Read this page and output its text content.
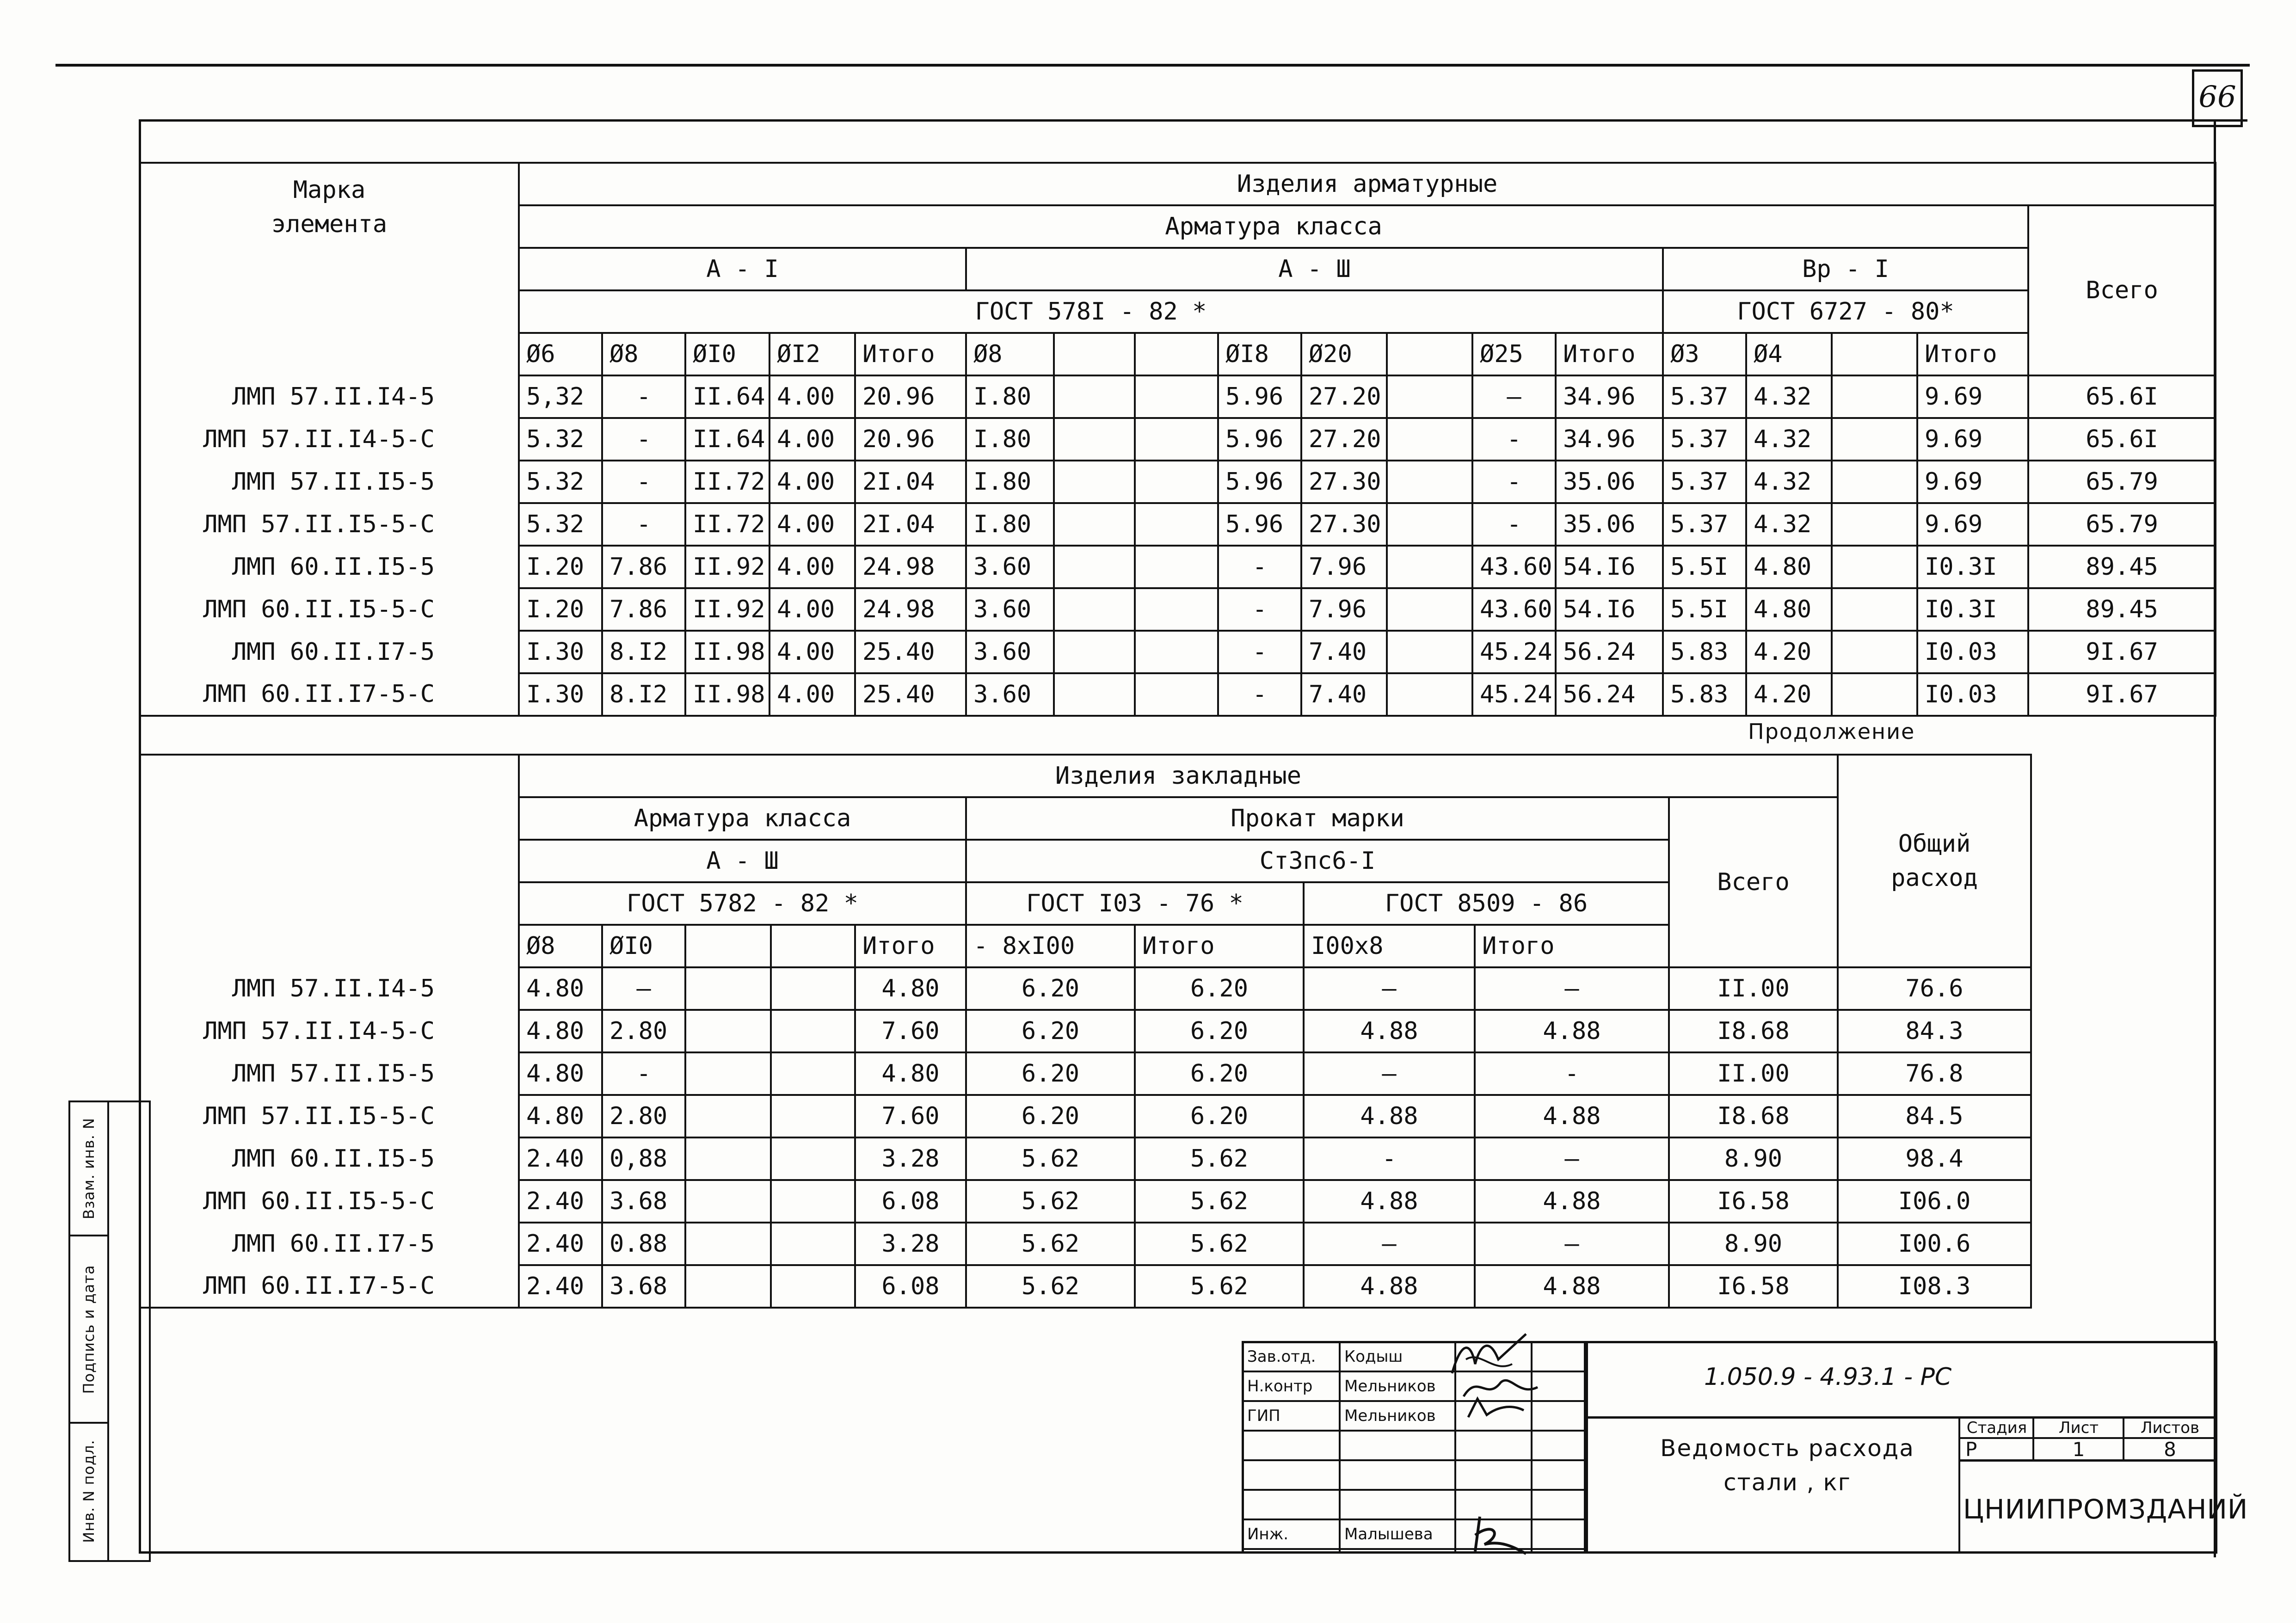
66
Марка
элемента	Изделия арматурные																	
	Арматура класса																	Всего
	A - I					A - Ш								Bp - I				
	ГОСТ 578I - 82 *													ГОСТ 6727 - 80*				
	Ø6	Ø8	ØI0	ØI2	Итого	Ø8			ØI8	Ø20		Ø25	Итого	Ø3	Ø4		Итого	
ЛМП 57.II.I4-5	5,32	-	II.64	4.00	20.96	I.80			5.96	27.20		—	34.96	5.37	4.32		9.69	65.6I
ЛМП 57.II.I4-5-С	5.32	-	II.64	4.00	20.96	I.80			5.96	27.20		-	34.96	5.37	4.32		9.69	65.6I
ЛМП 57.II.I5-5	5.32	-	II.72	4.00	2I.04	I.80			5.96	27.30		-	35.06	5.37	4.32		9.69	65.79
ЛМП 57.II.I5-5-С	5.32	-	II.72	4.00	2I.04	I.80			5.96	27.30		-	35.06	5.37	4.32		9.69	65.79
ЛМП 60.II.I5-5	I.20	7.86	II.92	4.00	24.98	3.60			-	7.96		43.60	54.I6	5.5I	4.80		I0.3I	89.45
ЛМП 60.II.I5-5-С	I.20	7.86	II.92	4.00	24.98	3.60			-	7.96		43.60	54.I6	5.5I	4.80		I0.3I	89.45
ЛМП 60.II.I7-5	I.30	8.I2	II.98	4.00	25.40	3.60			-	7.40		45.24	56.24	5.83	4.20		I0.03	9I.67
ЛМП 60.II.I7-5-С	I.30	8.I2	II.98	4.00	25.40	3.60			-	7.40		45.24	56.24	5.83	4.20		I0.03	9I.67
Продолжение
	Изделия закладные										Общий
расход
	Арматура класса					Прокат марки				Всего	
	A - Ш					Ст3пс6-I					
	ГОСТ 5782 - 82 *					ГОСТ I03 - 76 *		ГОСТ 8509 - 86			
	Ø8	ØI0			Итого	- 8хI00	Итого	I00х8	Итого		
ЛМП 57.II.I4-5	4.80	—			4.80	6.20	6.20	—	—	II.00	76.6
ЛМП 57.II.I4-5-С	4.80	2.80			7.60	6.20	6.20	4.88	4.88	I8.68	84.3
ЛМП 57.II.I5-5	4.80	-			4.80	6.20	6.20	—	-	II.00	76.8
ЛМП 57.II.I5-5-С	4.80	2.80			7.60	6.20	6.20	4.88	4.88	I8.68	84.5
ЛМП 60.II.I5-5	2.40	0,88			3.28	5.62	5.62	-	—	8.90	98.4
ЛМП 60.II.I5-5-С	2.40	3.68			6.08	5.62	5.62	4.88	4.88	I6.58	I06.0
ЛМП 60.II.I7-5	2.40	0.88			3.28	5.62	5.62	—	—	8.90	I00.6
ЛМП 60.II.I7-5-С	2.40	3.68			6.08	5.62	5.62	4.88	4.88	I6.58	I08.3
Инв. N подл.
Подпись и дата
Взам. инв. N
Зав.отд. Кодыш
Н.контр Мельников
ГИП	Мельников
Инж.	Малышева
1.050.9 - 4.93.1 - РС
Ведомость расхода
стали , кг
Стадия	Лист	Листов
Р	1	8
ЦНИИПРОМЗДАНИЙ
